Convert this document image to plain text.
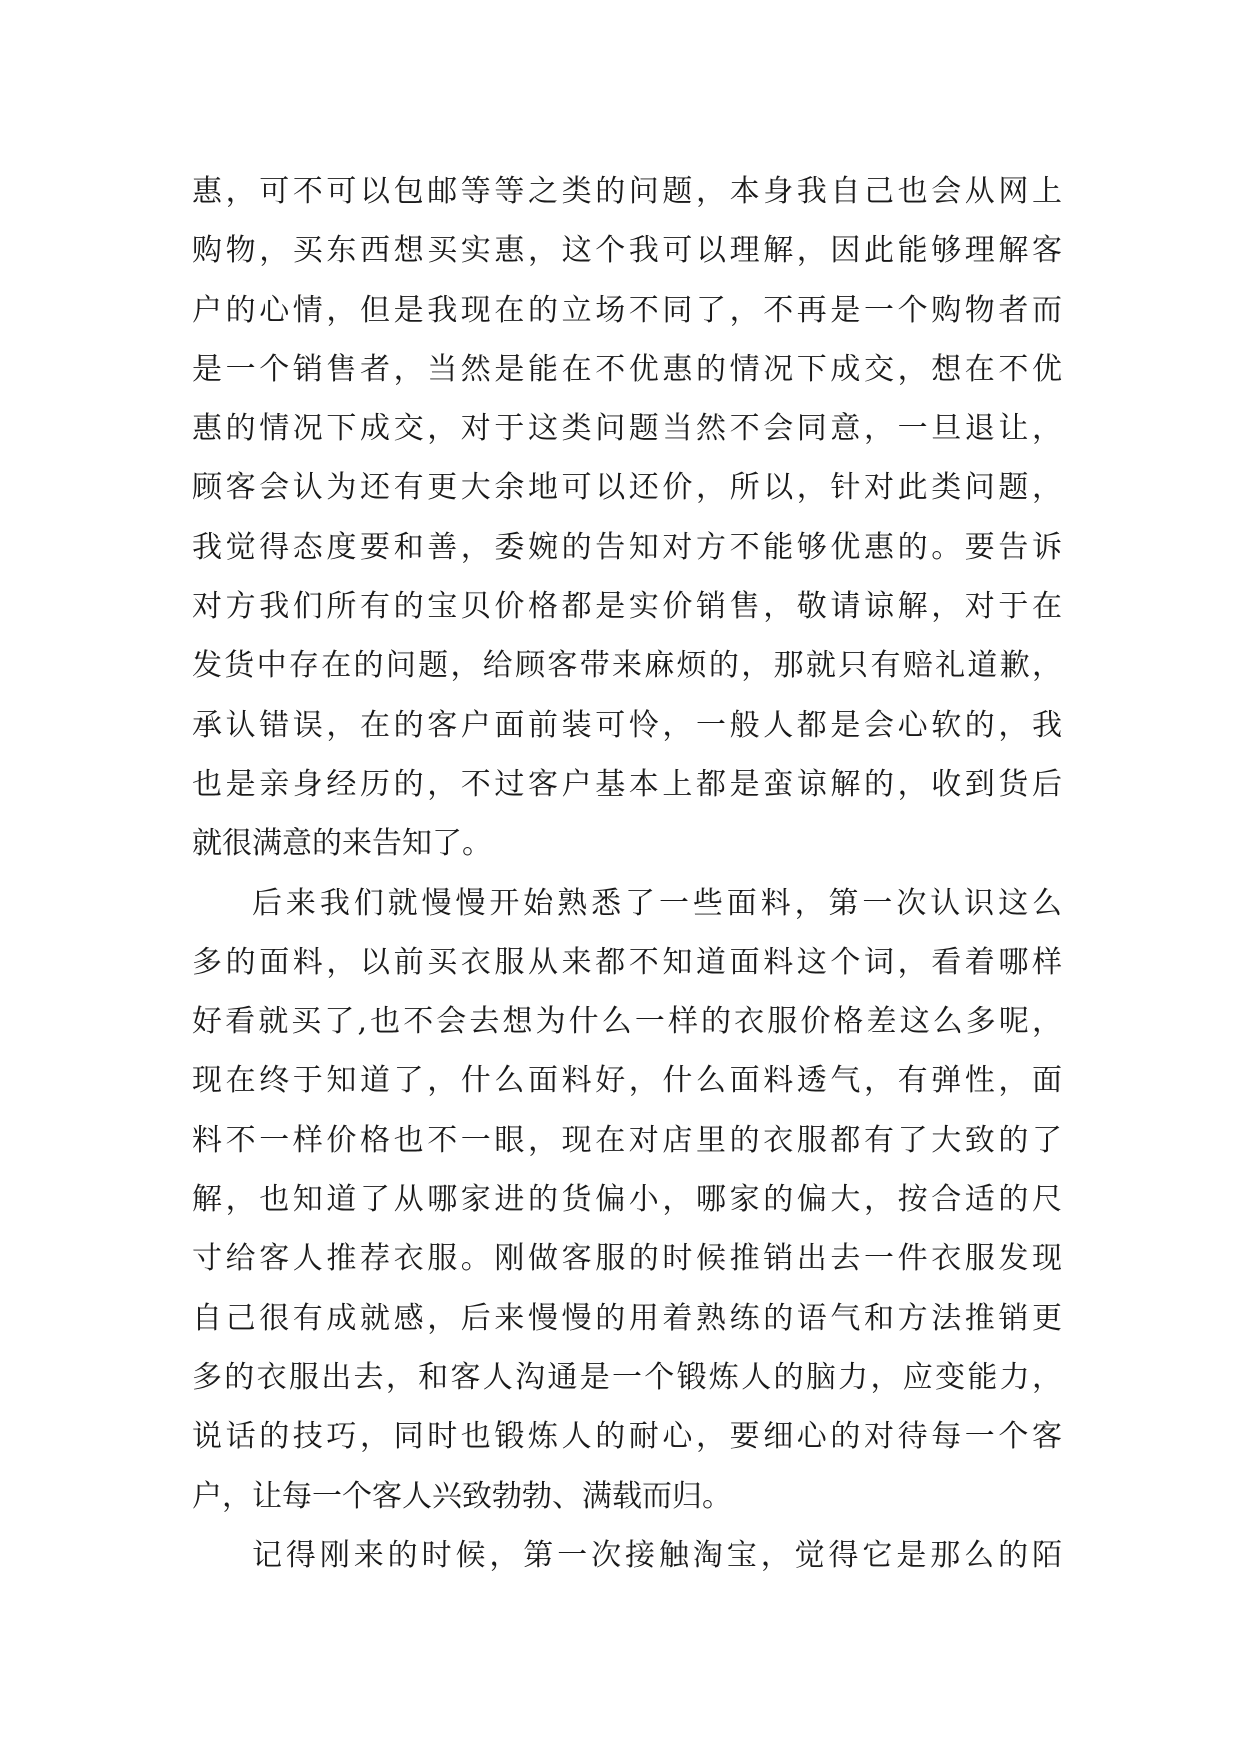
惠，可不可以包邮等等之类的问题，本身我自己也会从网上
购物，买东西想买实惠，这个我可以理解，因此能够理解客
户的心情，但是我现在的立场不同了，不再是一个购物者而
是一个销售者，当然是能在不优惠的情况下成交，想在不优
惠的情况下成交，对于这类问题当然不会同意，一旦退让，
顾客会认为还有更大余地可以还价，所以，针对此类问题，
我觉得态度要和善，委婉的告知对方不能够优惠的。要告诉
对方我们所有的宝贝价格都是实价销售，敬请谅解，对于在
发货中存在的问题，给顾客带来麻烦的，那就只有赔礼道歉，
承认错误，在的客户面前装可怜，一般人都是会心软的，我
也是亲身经历的，不过客户基本上都是蛮谅解的，收到货后
就很满意的来告知了。
后来我们就慢慢开始熟悉了一些面料，第一次认识这么
多的面料，以前买衣服从来都不知道面料这个词，看着哪样
好看就买了,也不会去想为什么一样的衣服价格差这么多呢，
现在终于知道了，什么面料好，什么面料透气，有弹性，面
料不一样价格也不一眼，现在对店里的衣服都有了大致的了
解，也知道了从哪家进的货偏小，哪家的偏大，按合适的尺
寸给客人推荐衣服。刚做客服的时候推销出去一件衣服发现
自己很有成就感，后来慢慢的用着熟练的语气和方法推销更
多的衣服出去，和客人沟通是一个锻炼人的脑力，应变能力，
说话的技巧，同时也锻炼人的耐心，要细心的对待每一个客
户，让每一个客人兴致勃勃、满载而归。
记得刚来的时候，第一次接触淘宝，觉得它是那么的陌
